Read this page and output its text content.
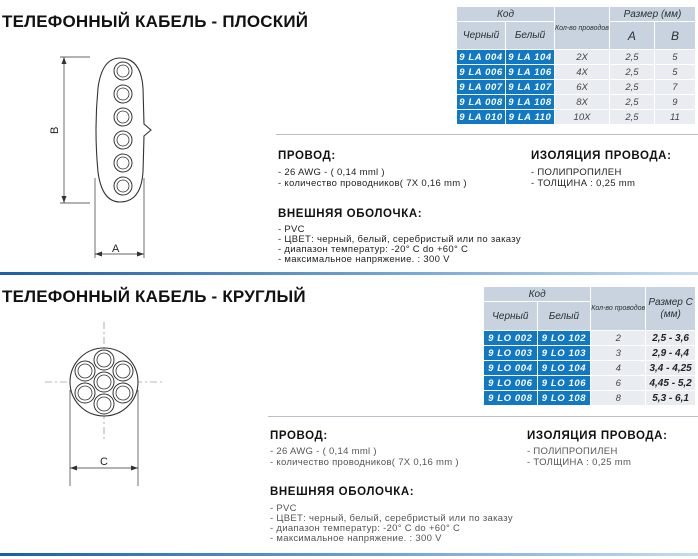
ТЕЛЕФОННЫЙ КАБЕЛЬ - ПЛОСКИЙ
B
A
Код		Кол-во проводов	Размер (мм)	
Черный	Белый		A	B
9 LA 004	9 LA 104	2X	2,5	5
9 LA 006	9 LA 106	4X	2,5	5
9 LA 007	9 LA 107	6X	2,5	7
9 LA 008	9 LA 108	8X	2,5	9
9 LA 010	9 LA 110	10X	2,5	11
ПРОВОД:
- 26 AWG - ( 0,14 mml )
- количество проводников( 7X 0,16 mm )
ИЗОЛЯЦИЯ ПРОВОДА:
- ПОЛИПРОПИЛЕН
- ТОЛЩИНА : 0,25 mm
ВНЕШНЯЯ ОБОЛОЧКА:
- PVC
- ЦВЕТ: черный, белый, серебристый или по заказу
- диапазон температур: -20° C do +60° C
- максимальное напряжение. : 300 V
ТЕЛЕФОННЫЙ КАБЕЛЬ - КРУГЛЫЙ
C
Код		Кол-во проводов	Размер C (мм)
Черный	Белый		
9 LO 002	9 LO 102	2	2,5 - 3,6
9 LO 003	9 LO 103	3	2,9 - 4,4
9 LO 004	9 LO 104	4	3,4 - 4,25
9 LO 006	9 LO 106	6	4,45 - 5,2
9 LO 008	9 LO 108	8	5,3 - 6,1
ПРОВОД:
- 26 AWG - ( 0,14 mml )
- количество проводников( 7X 0,16 mm )
ИЗОЛЯЦИЯ ПРОВОДА:
- ПОЛИПРОПИЛЕН
- ТОЛЩИНА : 0,25 mm
ВНЕШНЯЯ ОБОЛОЧКА:
- PVC
- ЦВЕТ: черный, белый, серебристый или по заказу
- диапазон температур: -20° C do +60° C
- максимальное напряжение. : 300 V
